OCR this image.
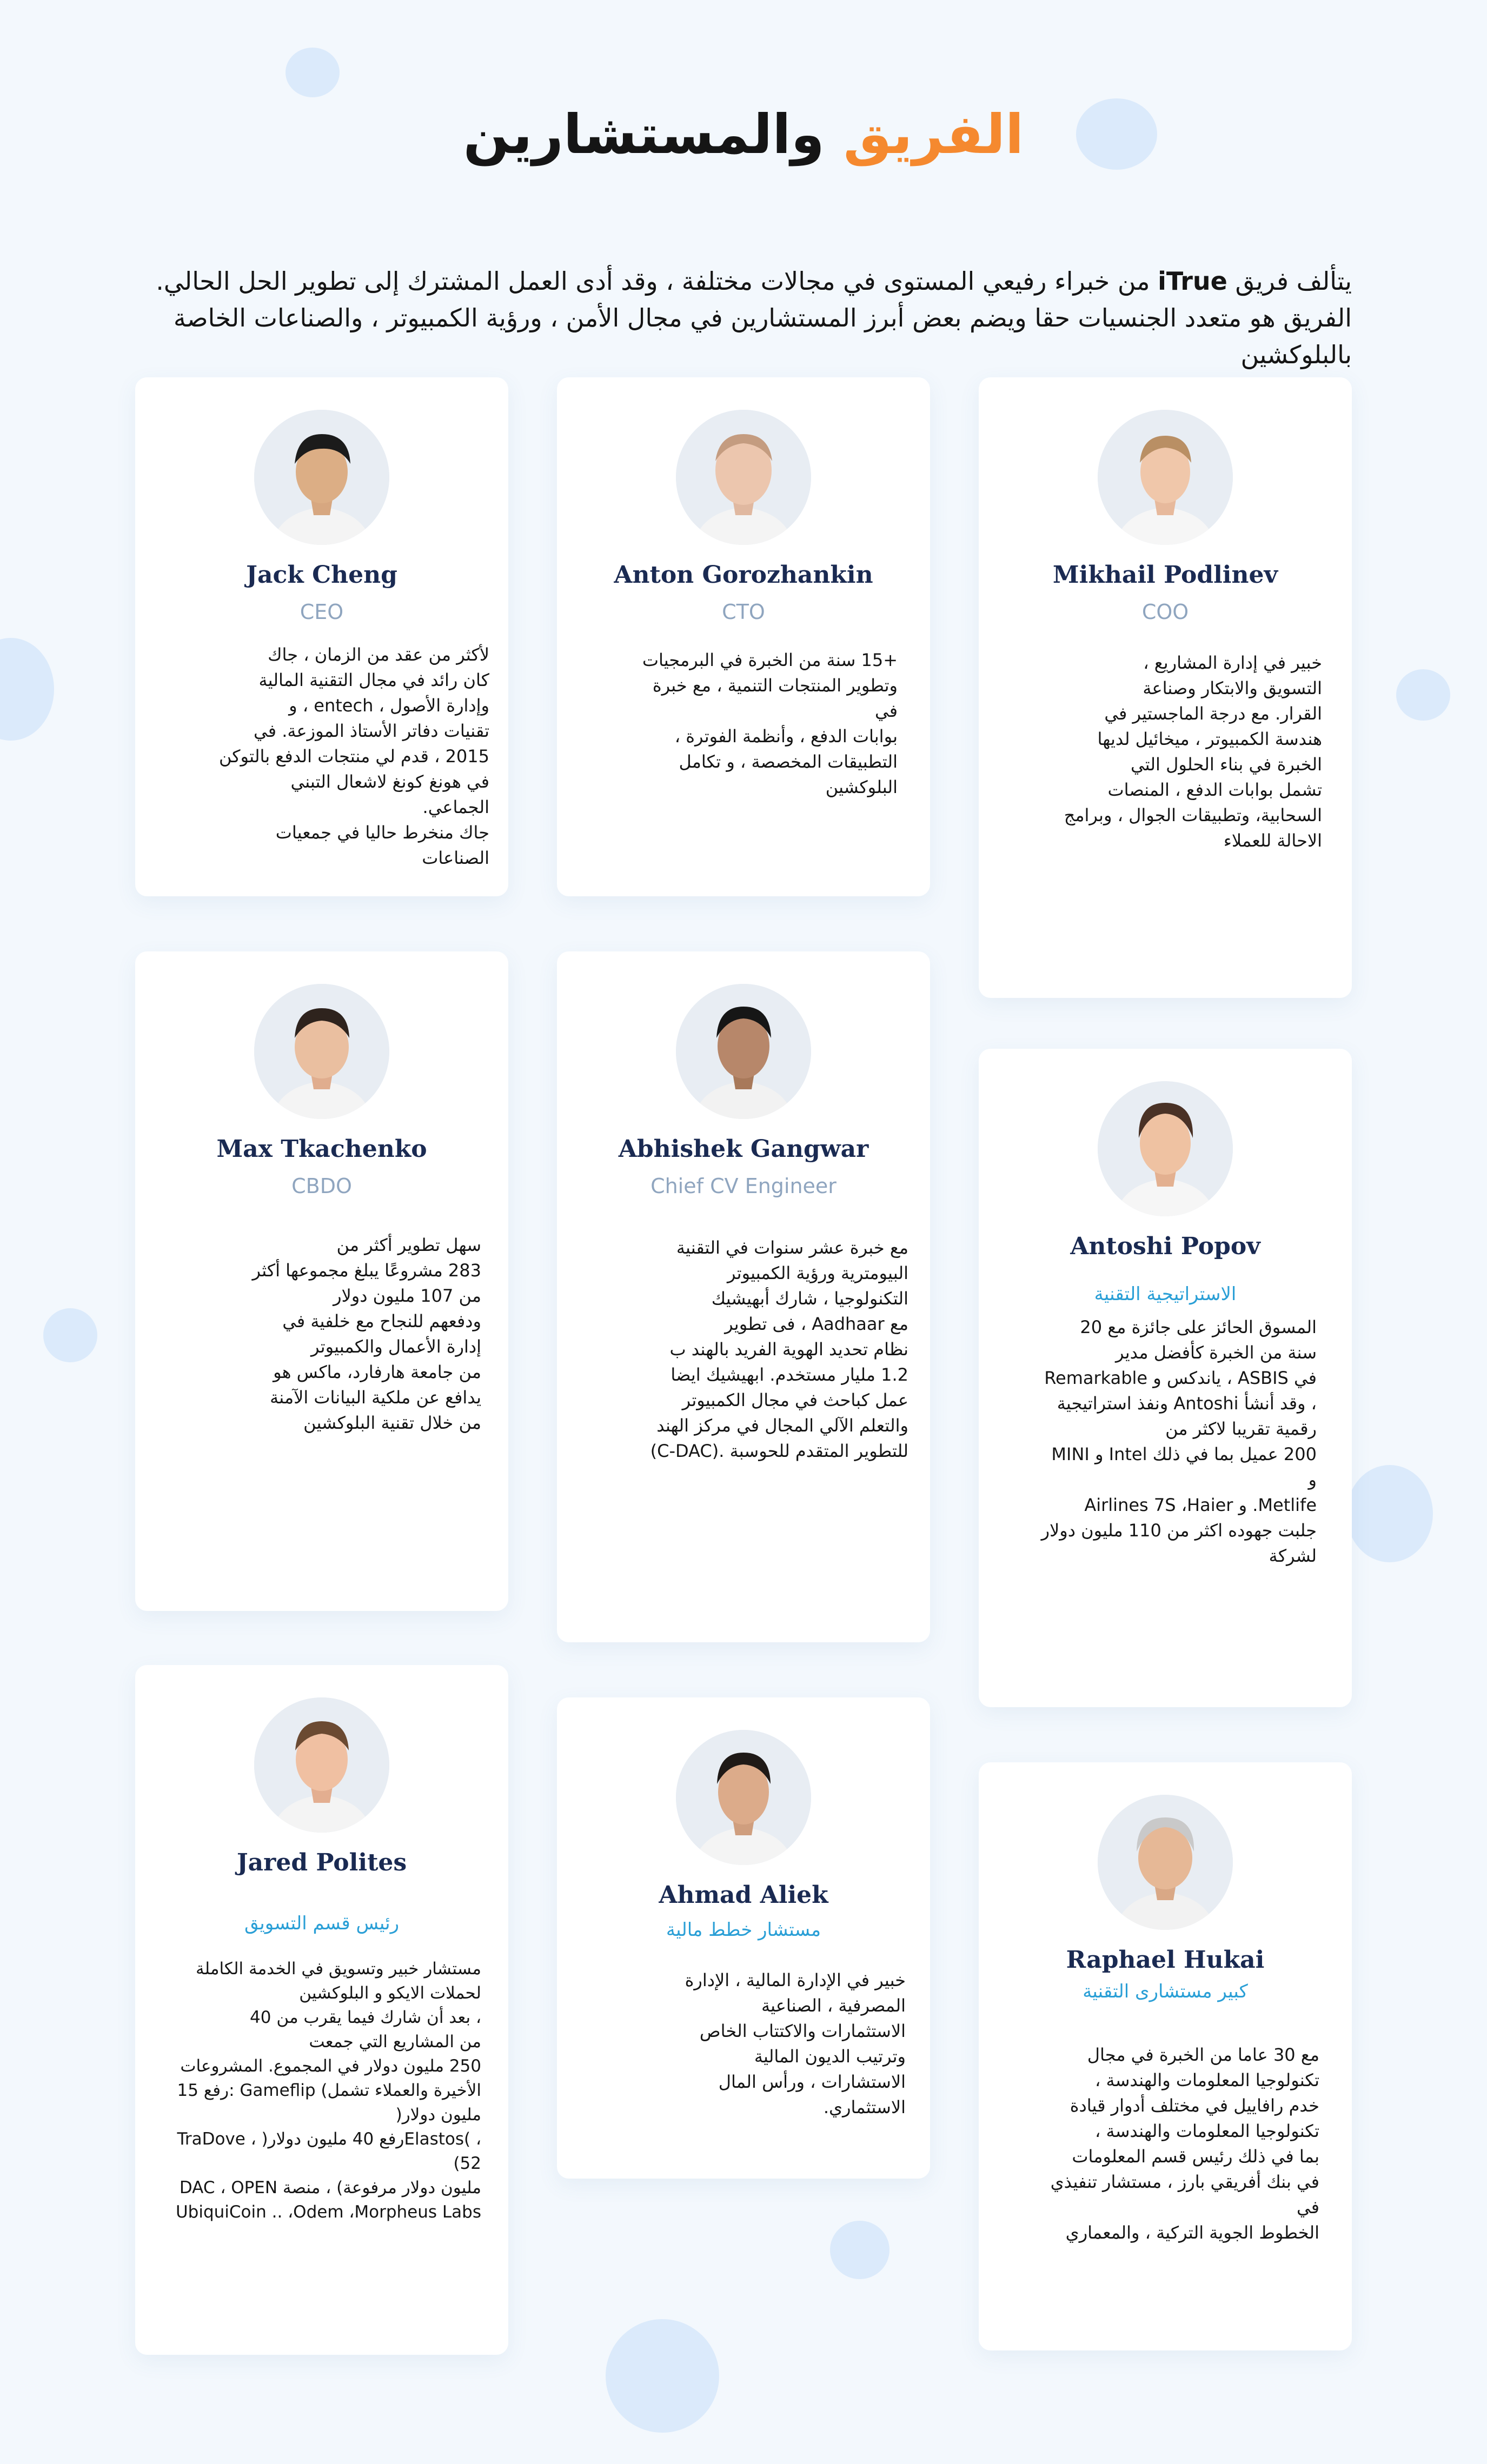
الفريق والمستشارين

يتألف فريق iTrue من خبراء رفيعي المستوى في مجالات مختلفة ، وقد أدى العمل المشترك إلى تطوير الحل الحالي. الفريق هو متعدد الجنسيات حقا ويضم بعض أبرز المستشارين في مجال الأمن ، ورؤية الكمبيوتر ، والصناعات الخاصة بالبلوكشين

Jack Cheng
CEO
لأكثر من عقد من الزمان ، جاك
كان رائد في مجال التقنية المالية
وإدارة الأصول ، entech ، و
تقنيات دفاتر الأستاذ الموزعة. في
2015 ، قدم لي منتجات الدفع بالتوكن
في هونغ كونغ لاشعال التبني
الجماعي.
جاك منخرط حاليا في جمعيات
الصناعات
Anton Gorozhankin
CTO
+15 سنة من الخبرة في البرمجيات
وتطوير المنتجات التنمية ، مع خبرة
في
بوابات الدفع ، وأنظمة الفوترة ،
التطبيقات المخصصة ، و تكامل
البلوكشين
Mikhail Podlinev
COO
خبير في إدارة المشاريع ،
التسويق والابتكار وصناعة
القرار. مع درجة الماجستير في
هندسة الكمبيوتر ، ميخائيل لديها
الخبرة في بناء الحلول التي
تشمل بوابات الدفع ، المنصات
السحابية، وتطبيقات الجوال ، وبرامج
الاحالة للعملاء
Max Tkachenko
CBDO
سهل تطوير أكثر من
283 مشروعًا يبلغ مجموعها أكثر
من 107 مليون دولار
ودفعهم للنجاح مع خلفية في
إدارة الأعمال والكمبيوتر
من جامعة هارفارد، ماكس هو
يدافع عن ملكية البيانات الآمنة
من خلال تقنية البلوكشين
Abhishek Gangwar
Chief CV Engineer
مع خبرة عشر سنوات في التقنية
البيومترية ورؤية الكمبيوتر
التكنولوجيا ، شارك أبهيشيك
مع Aadhaar ، فى تطوير
نظام تحديد الهوية الفريد بالهند ب
1.2 مليار مستخدم. ابهيشيك ايضا
عمل كباحث في مجال الكمبيوتر
والتعلم الآلي المجال في مركز الهند
للتطوير المتقدم للحوسبة .(C-DAC)
Antoshi Popov
الاستراتيجية التقنية
المسوق الحائز على جائزة مع 20
سنة من الخبرة كأفضل مدير
في ASBIS ، ياندكس و Remarkable
، وقد أنشأ Antoshi ونفذ استراتيجية
رقمية تقريبا لاكثر من
200 عميل بما في ذلك Intel و MINI
و
Metlife. و Airlines 7S ،Haier
جلبت جهوده اكثر من 110 مليون دولار
لشركة
Jared Polites
رئيس قسم التسويق
مستشار خبير وتسويق في الخدمة الكاملة
لحملات الايكو و البلوكشين
، بعد أن شارك فيما يقرب من 40
من المشاريع التي جمعت
250 مليون دولار في المجموع. المشروعات
الأخيرة والعملاء تشمل) Gameflip :رفع 15
مليون دولار(
، )Elastosرفع 40 مليون دولار( ، TraDove
52)
مليون دولار مرفوعة) ، منصة DAC ، OPEN
UbiquiCoin .. ،Odem ،Morpheus Labs
Ahmad Aliek
مستشار خطط مالية
خبير في الإدارة المالية ، الإدارة
المصرفية ، الصناعية
الاستثمارات والاكتتاب الخاص
وترتيب الديون المالية
الاستشارات ، ورأس المال
الاستثماري.
Raphael Hukai
كبير مستشارى التقنية
مع 30 عاما من الخبرة في مجال
تكنولوجيا المعلومات والهندسة ،
خدم رافاييل في مختلف أدوار قيادة
تكنولوجيا المعلومات والهندسة ،
بما في ذلك رئيس قسم المعلومات
في بنك أفريقي بارز ، مستشار تنفيذي
في
الخطوط الجوية التركية ، والمعماري
